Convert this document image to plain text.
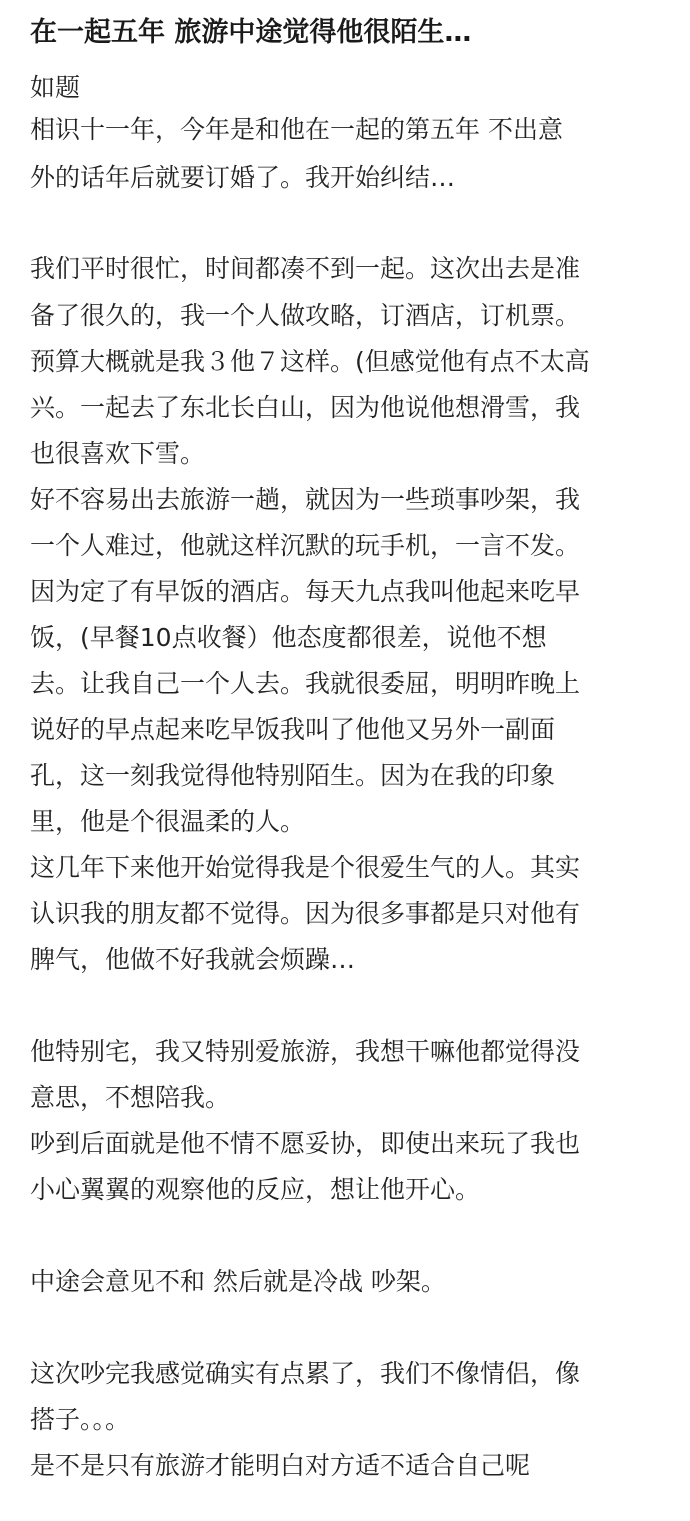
在一起五年 旅游中途觉得他很陌生…

如题

相识十一年，今年是和他在一起的第五年 不出意

外的话年后就要订婚了。我开始纠结…

我们平时很忙，时间都凑不到一起。这次出去是准

备了很久的，我一个人做攻略，订酒店，订机票。

预算大概就是我３他７这样。(但感觉他有点不太高

兴。一起去了东北长白山，因为他说他想滑雪，我

也很喜欢下雪。

好不容易出去旅游一趟，就因为一些琐事吵架，我

一个人难过，他就这样沉默的玩手机，一言不发。

因为定了有早饭的酒店。每天九点我叫他起来吃早

饭，(早餐10点收餐）他态度都很差，说他不想

去。让我自己一个人去。我就很委屈，明明昨晚上

说好的早点起来吃早饭我叫了他他又另外一副面

孔，这一刻我觉得他特别陌生。因为在我的印象

里，他是个很温柔的人。

这几年下来他开始觉得我是个很爱生气的人。其实

认识我的朋友都不觉得。因为很多事都是只对他有

脾气，他做不好我就会烦躁…

他特别宅，我又特别爱旅游，我想干嘛他都觉得没

意思，不想陪我。

吵到后面就是他不情不愿妥协，即使出来玩了我也

小心翼翼的观察他的反应，想让他开心。

中途会意见不和 然后就是冷战 吵架。

这次吵完我感觉确实有点累了，我们不像情侣，像

搭子。。。

是不是只有旅游才能明白对方适不适合自己呢
